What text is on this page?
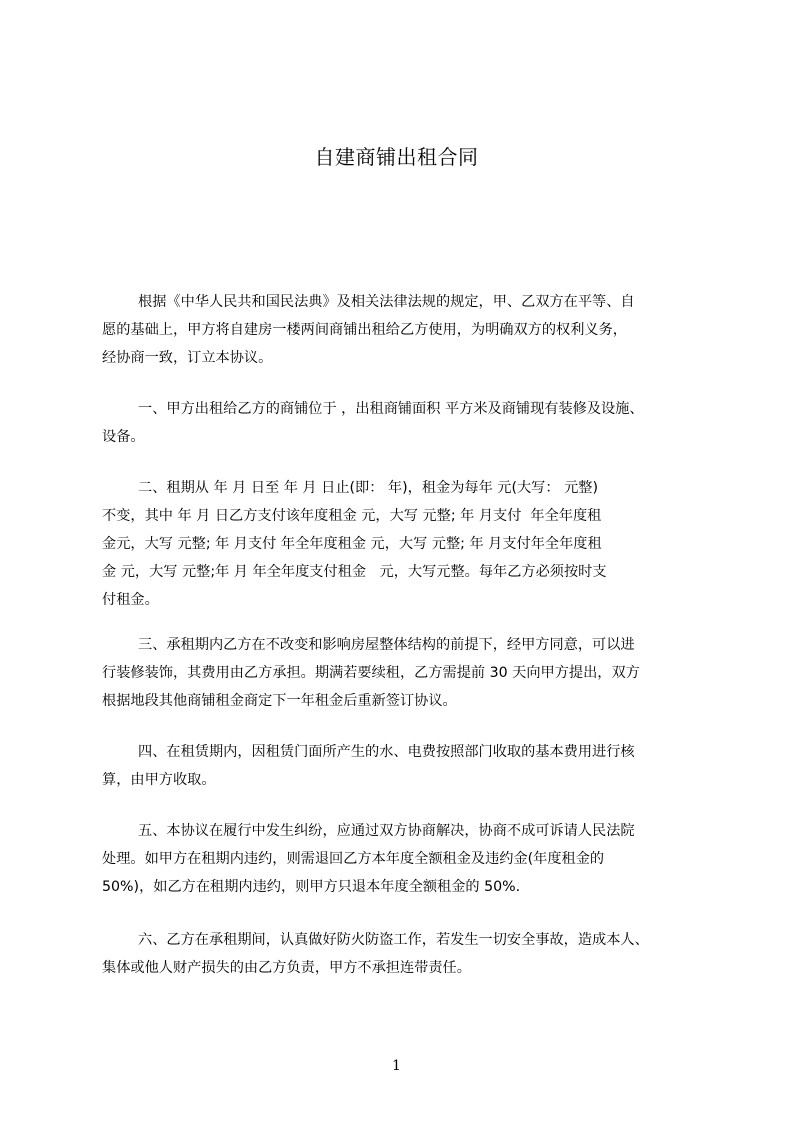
自建商铺出租合同
根据《中华人民共和国民法典》及相关法律法规的规定，甲、乙双方在平等、自
愿的基础上，甲方将自建房一楼两间商铺出租给乙方使用，为明确双方的权利义务，
经协商一致，订立本协议。
一、甲方出租给乙方的商铺位于 ，出租商铺面积 平方米及商铺现有装修及设施、
设备。
二、租期从 年 月 日至 年 月 日止(即： 年)，租金为每年 元(大写： 元整)
不变，其中 年 月 日乙方支付该年度租金 元，大写 元整; 年 月支付  年全年度租
金元，大写 元整; 年 月支付 年全年度租金 元，大写 元整; 年 月支付年全年度租
金 元，大写 元整;年 月 年全年度支付租金   元，大写元整。每年乙方必须按时支
付租金。
三、承租期内乙方在不改变和影响房屋整体结构的前提下，经甲方同意，可以进
行装修装饰，其费用由乙方承担。期满若要续租，乙方需提前 30 天向甲方提出，双方
根据地段其他商铺租金商定下一年租金后重新签订协议。
四、在租赁期内，因租赁门面所产生的水、电费按照部门收取的基本费用进行核
算，由甲方收取。
五、本协议在履行中发生纠纷，应通过双方协商解决，协商不成可诉请人民法院
处理。如甲方在租期内违约，则需退回乙方本年度全额租金及违约金(年度租金的
50%)，如乙方在租期内违约，则甲方只退本年度全额租金的 50%.
六、乙方在承租期间，认真做好防火防盗工作，若发生一切安全事故，造成本人、
集体或他人财产损失的由乙方负责，甲方不承担连带责任。
1
